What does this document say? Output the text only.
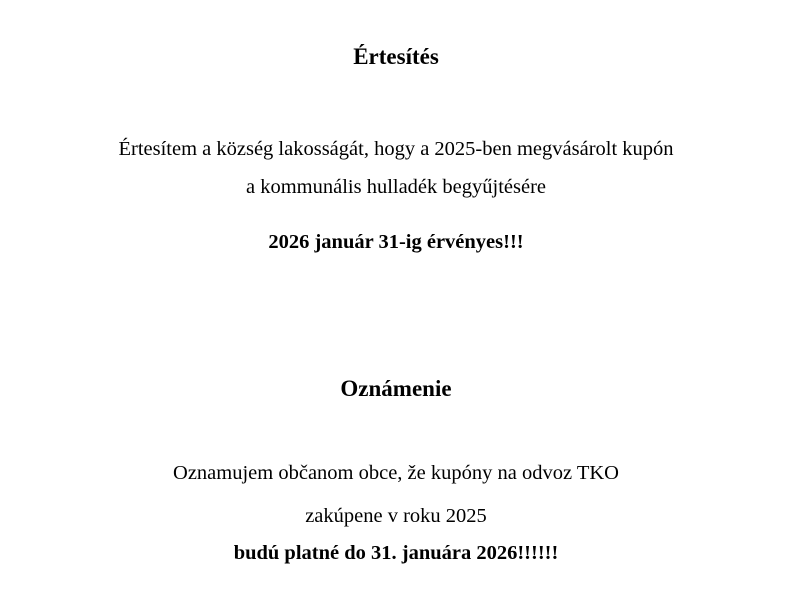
Értesítés
Értesítem a község lakosságát, hogy a 2025-ben megvásárolt kupón
a kommunális hulladék begyűjtésére
2026 január 31-ig érvényes!!!
Oznámenie
Oznamujem občanom obce, že kupóny na odvoz TKO
zakúpene v roku 2025
budú platné do 31. januára 2026!!!!!!
